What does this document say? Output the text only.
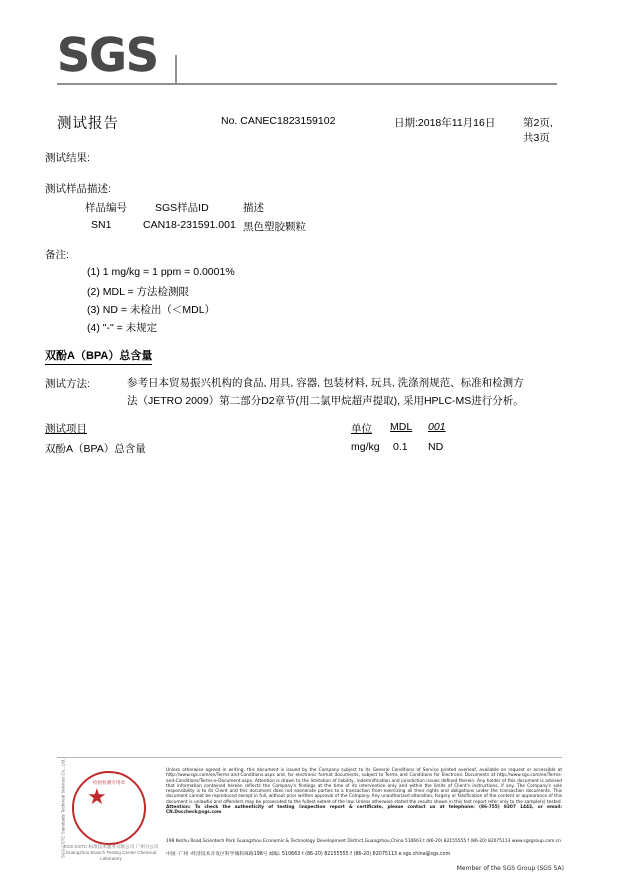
SGS
测试报告	No. CANEC1823159102	日期:2018年11月16日	第2页,共3页
测试结果:
测试样品描述:
样品编号	SGS样品ID	描述
SN1	CAN18-231591.001 黑色塑胶颗粒
备注:
(1) 1 mg/kg = 1 ppm = 0.0001%
(2) MDL = 方法检测限
(3) ND = 未检出（＜MDL）
(4) "-" = 未规定
双酚A（BPA）总含量
测试方法:	参考日本贸易振兴机构的食品, 用具, 容器, 包装材料, 玩具, 洗涤剂规范、标准和检测方
法（JETRO 2009）第二部分D2章节(用二氯甲烷超声提取), 采用HPLC-MS进行分析。
测试项目	单位 MDL 001
双酚A（BPA）总含量	mg/kg 0.1 ND
检验检测专用章
SGS-CSTC Standards Technical Services Co., Ltd.
SGS-CSTC 标准技术服务有限公司 广州分公司
Guangzhou Branch Testing Center Chemical Laboratory
Unless otherwise agreed in writing, this document is issued by the Company subject to its General Conditions of Service printed overleaf, available on request or accessible at http://www.sgs.com/en/Terms-and-Conditions.aspx and, for electronic format documents, subject to Terms and Conditions for Electronic Documents at http://www.sgs.com/en/Terms-and-Conditions/Terms-e-Document.aspx. Attention is drawn to the limitation of liability, indemnification and jurisdiction issues defined therein. Any holder of this document is advised that information contained hereon reflects the Company's findings at the time of its intervention only and within the limits of Client's instructions, if any. The Company's sole responsibility is to its Client and this document does not exonerate parties to a transaction from exercising all their rights and obligations under the transaction documents. This document cannot be reproduced except in full, without prior written approval of the Company. Any unauthorized alteration, forgery or falsification of the content or appearance of this document is unlawful and offenders may be prosecuted to the fullest extent of the law. Unless otherwise stated the results shown in this test report refer only to the sample(s) tested. Attention: To check the authenticity of testing /inspection report & certificate, please contact us at telephone: (86-755) 8307 1443, or email: CN.Doccheck@sgs.com
198 Kezhu Road,Scientech Park Guangzhou Economic & Technology Development District,Guangzhou,China 510663 t (86-20) 82155555 f (86-20) 82075113 www.sgsgroup.com.cn
中国 ·广州 ·经济技术开发区科学城科珠路198号 邮编: 510663 t (86-20) 82155555 f (86-20) 82075113 e sgs.china@sgs.com
Member of the SGS Group (SGS SA)
